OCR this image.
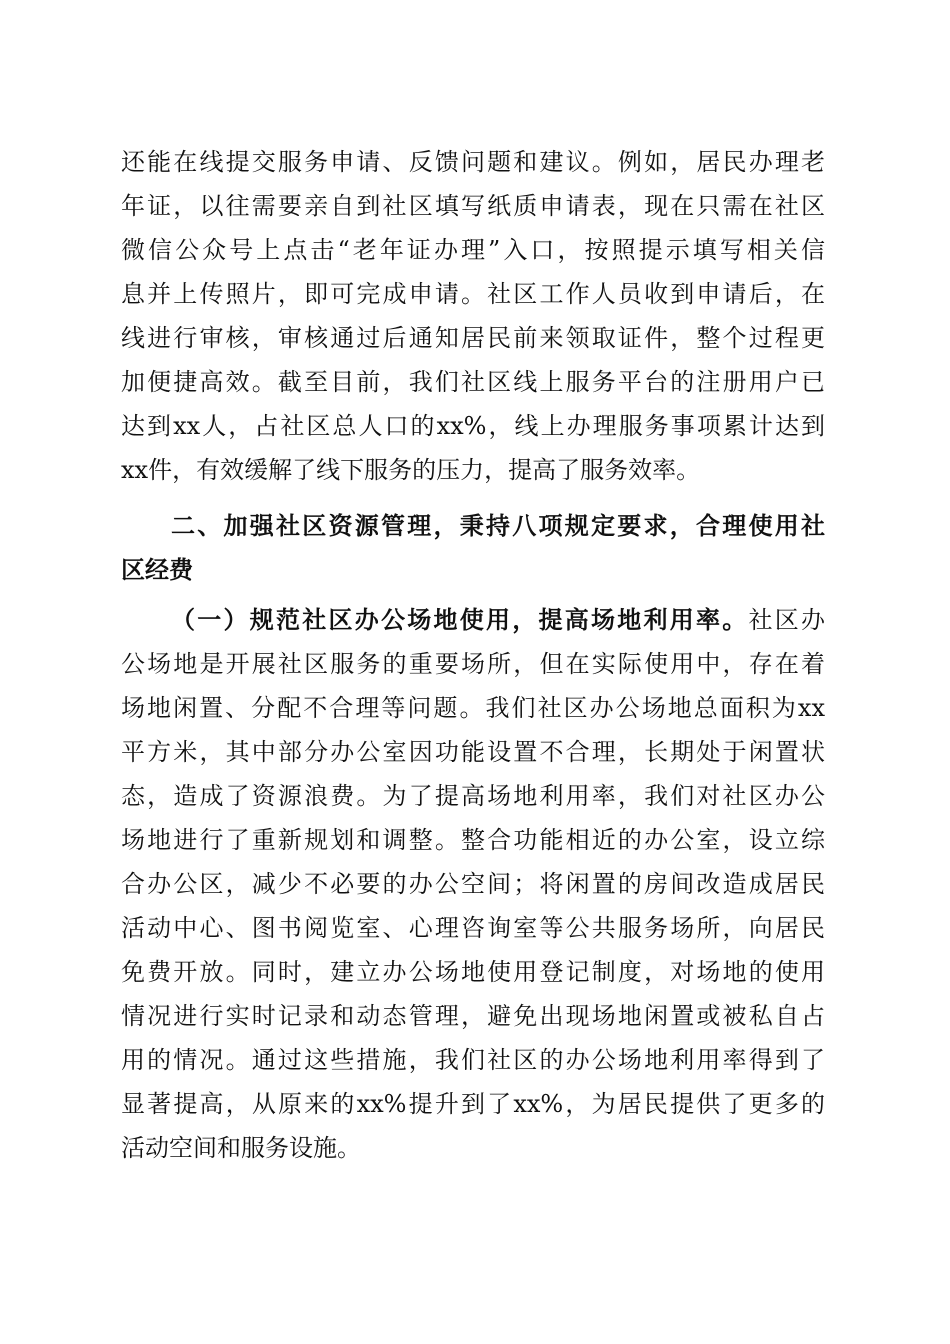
还能在线提交服务申请、反馈问题和建议。例如，居民办理老
年证，以往需要亲自到社区填写纸质申请表，现在只需在社区
微信公众号上点击“老年证办理”入口，按照提示填写相关信
息并上传照片，即可完成申请。社区工作人员收到申请后，在
线进行审核，审核通过后通知居民前来领取证件，整个过程更
加便捷高效。截至目前，我们社区线上服务平台的注册用户已
达到xx人，占社区总人口的xx%，线上办理服务事项累计达到
xx件，有效缓解了线下服务的压力，提高了服务效率。
二、加强社区资源管理，秉持八项规定要求，合理使用社
区经费
（一）规范社区办公场地使用，提高场地利用率。社区办
公场地是开展社区服务的重要场所，但在实际使用中，存在着
场地闲置、分配不合理等问题。我们社区办公场地总面积为xx
平方米，其中部分办公室因功能设置不合理，长期处于闲置状
态，造成了资源浪费。为了提高场地利用率，我们对社区办公
场地进行了重新规划和调整。整合功能相近的办公室，设立综
合办公区，减少不必要的办公空间；将闲置的房间改造成居民
活动中心、图书阅览室、心理咨询室等公共服务场所，向居民
免费开放。同时，建立办公场地使用登记制度，对场地的使用
情况进行实时记录和动态管理，避免出现场地闲置或被私自占
用的情况。通过这些措施，我们社区的办公场地利用率得到了
显著提高，从原来的xx%提升到了xx%，为居民提供了更多的
活动空间和服务设施。
